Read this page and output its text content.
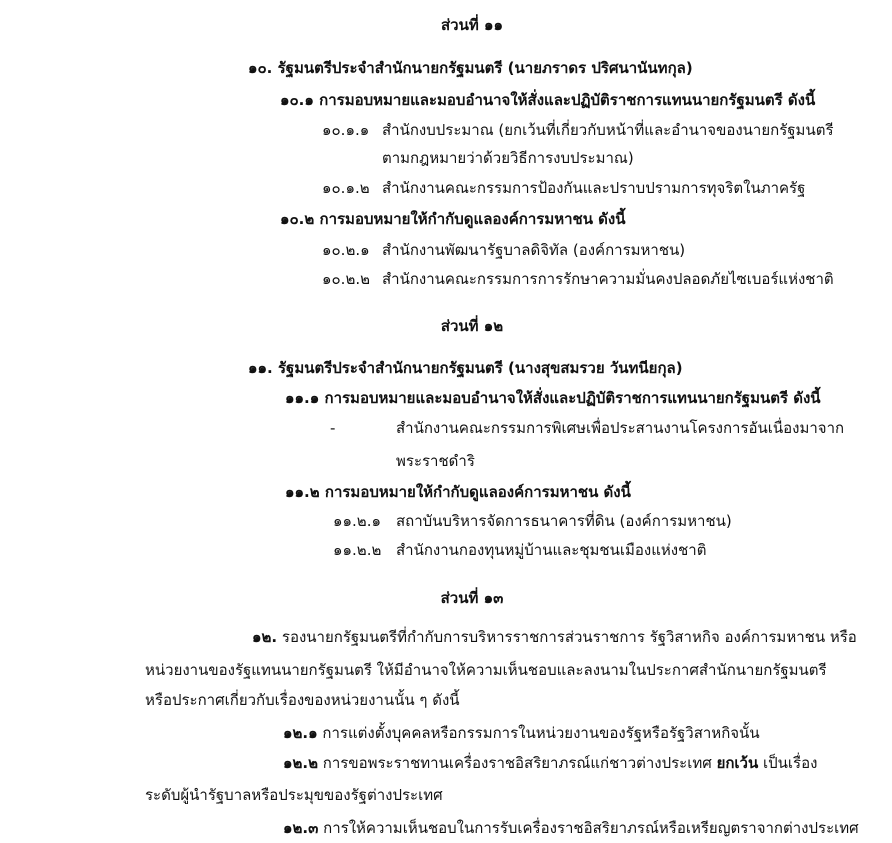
ส่วนที่ ๑๑
๑๐. รัฐมนตรีประจำสำนักนายกรัฐมนตรี (นายภราดร ปริศนานันทกุล)
๑๐.๑ การมอบหมายและมอบอำนาจให้สั่งและปฏิบัติราชการแทนนายกรัฐมนตรี ดังนี้
๑๐.๑.๑ สำนักงบประมาณ (ยกเว้นที่เกี่ยวกับหน้าที่และอำนาจของนายกรัฐมนตรี
ตามกฎหมายว่าด้วยวิธีการงบประมาณ)
๑๐.๑.๒ สำนักงานคณะกรรมการป้องกันและปราบปรามการทุจริตในภาครัฐ
๑๐.๒ การมอบหมายให้กำกับดูแลองค์การมหาชน ดังนี้
๑๐.๒.๑ สำนักงานพัฒนารัฐบาลดิจิทัล (องค์การมหาชน)
๑๐.๒.๒ สำนักงานคณะกรรมการการรักษาความมั่นคงปลอดภัยไซเบอร์แห่งชาติ
ส่วนที่ ๑๒
๑๑. รัฐมนตรีประจำสำนักนายกรัฐมนตรี (นางสุขสมรวย วันทนียกุล)
๑๑.๑ การมอบหมายและมอบอำนาจให้สั่งและปฏิบัติราชการแทนนายกรัฐมนตรี ดังนี้
-	สำนักงานคณะกรรมการพิเศษเพื่อประสานงานโครงการอันเนื่องมาจาก
พระราชดำริ
๑๑.๒ การมอบหมายให้กำกับดูแลองค์การมหาชน ดังนี้
๑๑.๒.๑ สถาบันบริหารจัดการธนาคารที่ดิน (องค์การมหาชน)
๑๑.๒.๒ สำนักงานกองทุนหมู่บ้านและชุมชนเมืองแห่งชาติ
ส่วนที่ ๑๓
๑๒. รองนายกรัฐมนตรีที่กำกับการบริหารราชการส่วนราชการ รัฐวิสาหกิจ องค์การมหาชน หรือ
หน่วยงานของรัฐแทนนายกรัฐมนตรี ให้มีอำนาจให้ความเห็นชอบและลงนามในประกาศสำนักนายกรัฐมนตรี
หรือประกาศเกี่ยวกับเรื่องของหน่วยงานนั้น ๆ ดังนี้
๑๒.๑ การแต่งตั้งบุคคลหรือกรรมการในหน่วยงานของรัฐหรือรัฐวิสาหกิจนั้น
๑๒.๒ การขอพระราชทานเครื่องราชอิสริยาภรณ์แก่ชาวต่างประเทศ ยกเว้น เป็นเรื่อง
ระดับผู้นำรัฐบาลหรือประมุขของรัฐต่างประเทศ
๑๒.๓ การให้ความเห็นชอบในการรับเครื่องราชอิสริยาภรณ์หรือเหรียญตราจากต่างประเทศ
